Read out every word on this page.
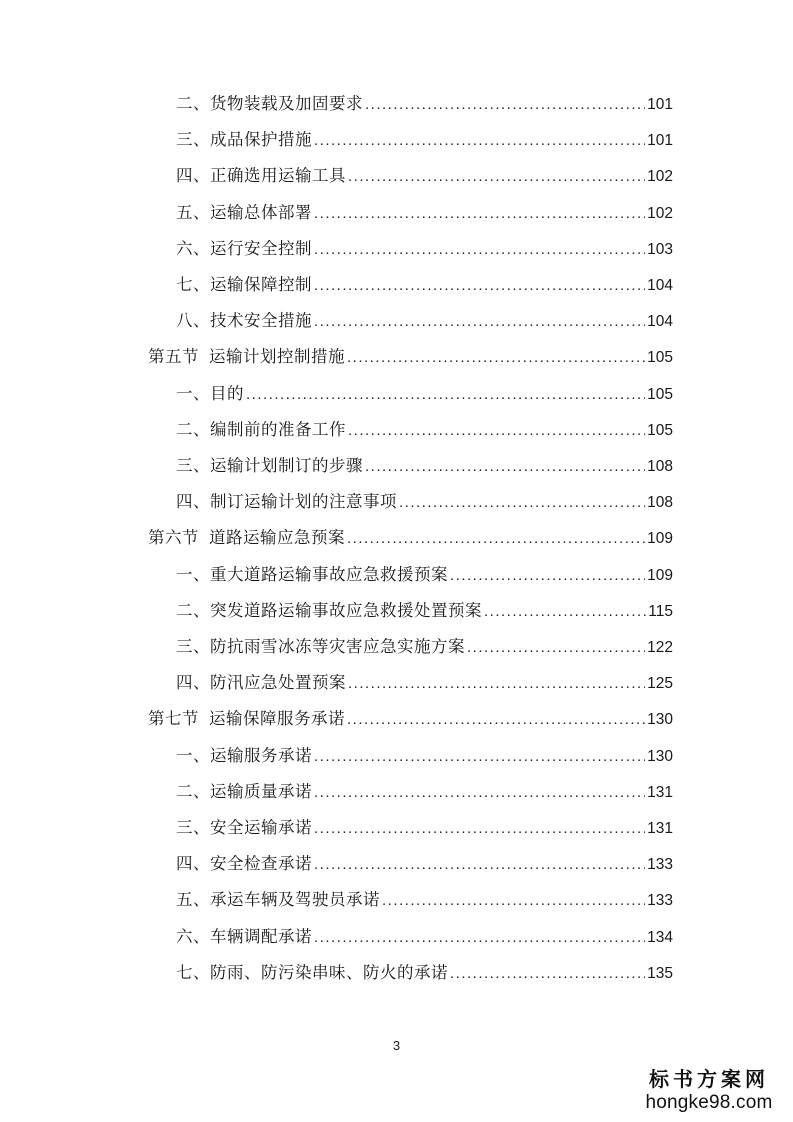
二、货物装载及加固要求 .....	101
三、成品保护措施 .....	101
四、正确选用运输工具 .....	102
五、运输总体部署 .....	102
六、运行安全控制 .....	103
七、运输保障控制 .....	104
八、技术安全措施 .....	104
第五节 运输计划控制措施 .....	105
一、目的 .....	105
二、编制前的准备工作 .....	105
三、运输计划制订的步骤 .....	108
四、制订运输计划的注意事项 .....	108
第六节 道路运输应急预案 .....	109
一、重大道路运输事故应急救援预案 .....	109
二、突发道路运输事故应急救援处置预案 .....	115
三、防抗雨雪冰冻等灾害应急实施方案 .....	122
四、防汛应急处置预案 .....	125
第七节 运输保障服务承诺 .....	130
一、运输服务承诺 .....	130
二、运输质量承诺 .....	131
三、安全运输承诺 .....	131
四、安全检查承诺 .....	133
五、承运车辆及驾驶员承诺 .....	133
六、车辆调配承诺 .....	134
七、防雨、防污染串味、防火的承诺 .....	135
3
标书方案网
hongke98.com
